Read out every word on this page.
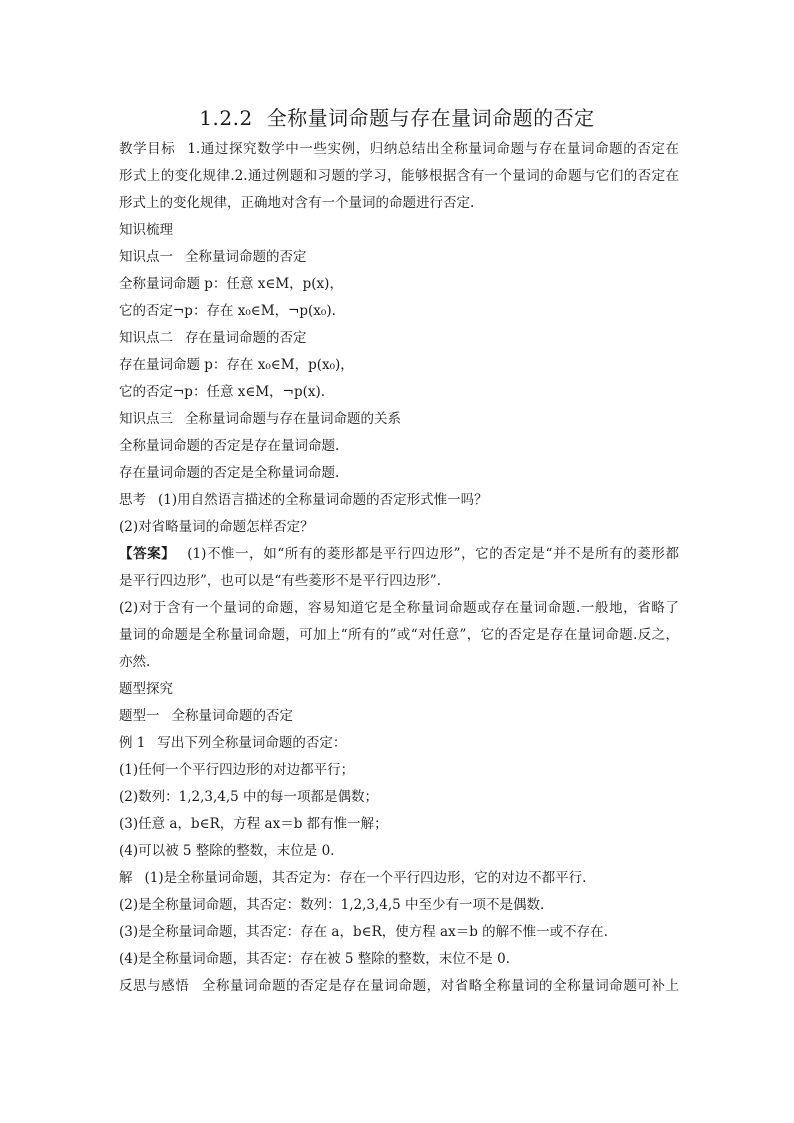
1.2.2 全称量词命题与存在量词命题的否定
教学目标 1.通过探究数学中一些实例，归纳总结出全称量词命题与存在量词命题的否定在
形式上的变化规律.2.通过例题和习题的学习，能够根据含有一个量词的命题与它们的否定在
形式上的变化规律，正确地对含有一个量词的命题进行否定.
知识梳理
知识点一 全称量词命题的否定
全称量词命题 p：任意 x∈M，p(x)，
它的否定¬p：存在 x₀∈M，¬p(x₀).
知识点二 存在量词命题的否定
存在量词命题 p：存在 x₀∈M，p(x₀)，
它的否定¬p：任意 x∈M，¬p(x).
知识点三 全称量词命题与存在量词命题的关系
全称量词命题的否定是存在量词命题.
存在量词命题的否定是全称量词命题.
思考 (1)用自然语言描述的全称量词命题的否定形式惟一吗？
(2)对省略量词的命题怎样否定？
【答案】 (1)不惟一，如“所有的菱形都是平行四边形”，它的否定是“并不是所有的菱形都
是平行四边形”，也可以是“有些菱形不是平行四边形”.
(2)对于含有一个量词的命题，容易知道它是全称量词命题或存在量词命题.一般地，省略了
量词的命题是全称量词命题，可加上“所有的”或“对任意”，它的否定是存在量词命题.反之，
亦然.
题型探究
题型一 全称量词命题的否定
例 1 写出下列全称量词命题的否定：
(1)任何一个平行四边形的对边都平行；
(2)数列：1,2,3,4,5 中的每一项都是偶数；
(3)任意 a，b∈R，方程 ax＝b 都有惟一解；
(4)可以被 5 整除的整数，末位是 0.
解 (1)是全称量词命题，其否定为：存在一个平行四边形，它的对边不都平行.
(2)是全称量词命题，其否定：数列：1,2,3,4,5 中至少有一项不是偶数.
(3)是全称量词命题，其否定：存在 a，b∈R，使方程 ax＝b 的解不惟一或不存在.
(4)是全称量词命题，其否定：存在被 5 整除的整数，末位不是 0.
反思与感悟 全称量词命题的否定是存在量词命题，对省略全称量词的全称量词命题可补上
